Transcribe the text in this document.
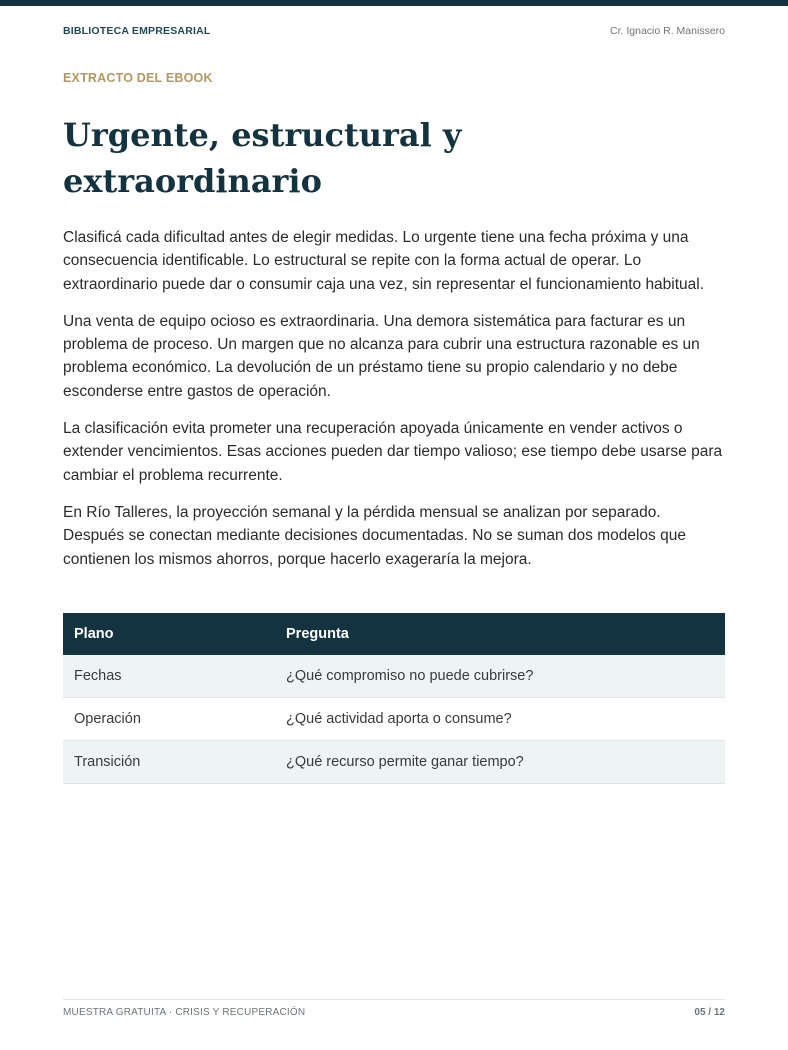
BIBLIOTECA EMPRESARIAL	Cr. Ignacio R. Manissero
EXTRACTO DEL EBOOK
Urgente, estructural y extraordinario

Clasificá cada dificultad antes de elegir medidas. Lo urgente tiene una fecha próxima y una consecuencia identificable. Lo estructural se repite con la forma actual de operar. Lo extraordinario puede dar o consumir caja una vez, sin representar el funcionamiento habitual.

Una venta de equipo ocioso es extraordinaria. Una demora sistemática para facturar es un problema de proceso. Un margen que no alcanza para cubrir una estructura razonable es un problema económico. La devolución de un préstamo tiene su propio calendario y no debe esconderse entre gastos de operación.

La clasificación evita prometer una recuperación apoyada únicamente en vender activos o extender vencimientos. Esas acciones pueden dar tiempo valioso; ese tiempo debe usarse para cambiar el problema recurrente.

En Río Talleres, la proyección semanal y la pérdida mensual se analizan por separado. Después se conectan mediante decisiones documentadas. No se suman dos modelos que contienen los mismos ahorros, porque hacerlo exageraría la mejora.

Plano	Pregunta
Fechas	¿Qué compromiso no puede cubrirse?
Operación	¿Qué actividad aporta o consume?
Transición	¿Qué recurso permite ganar tiempo?
MUESTRA GRATUITA · CRISIS Y RECUPERACIÓN	05 / 12
